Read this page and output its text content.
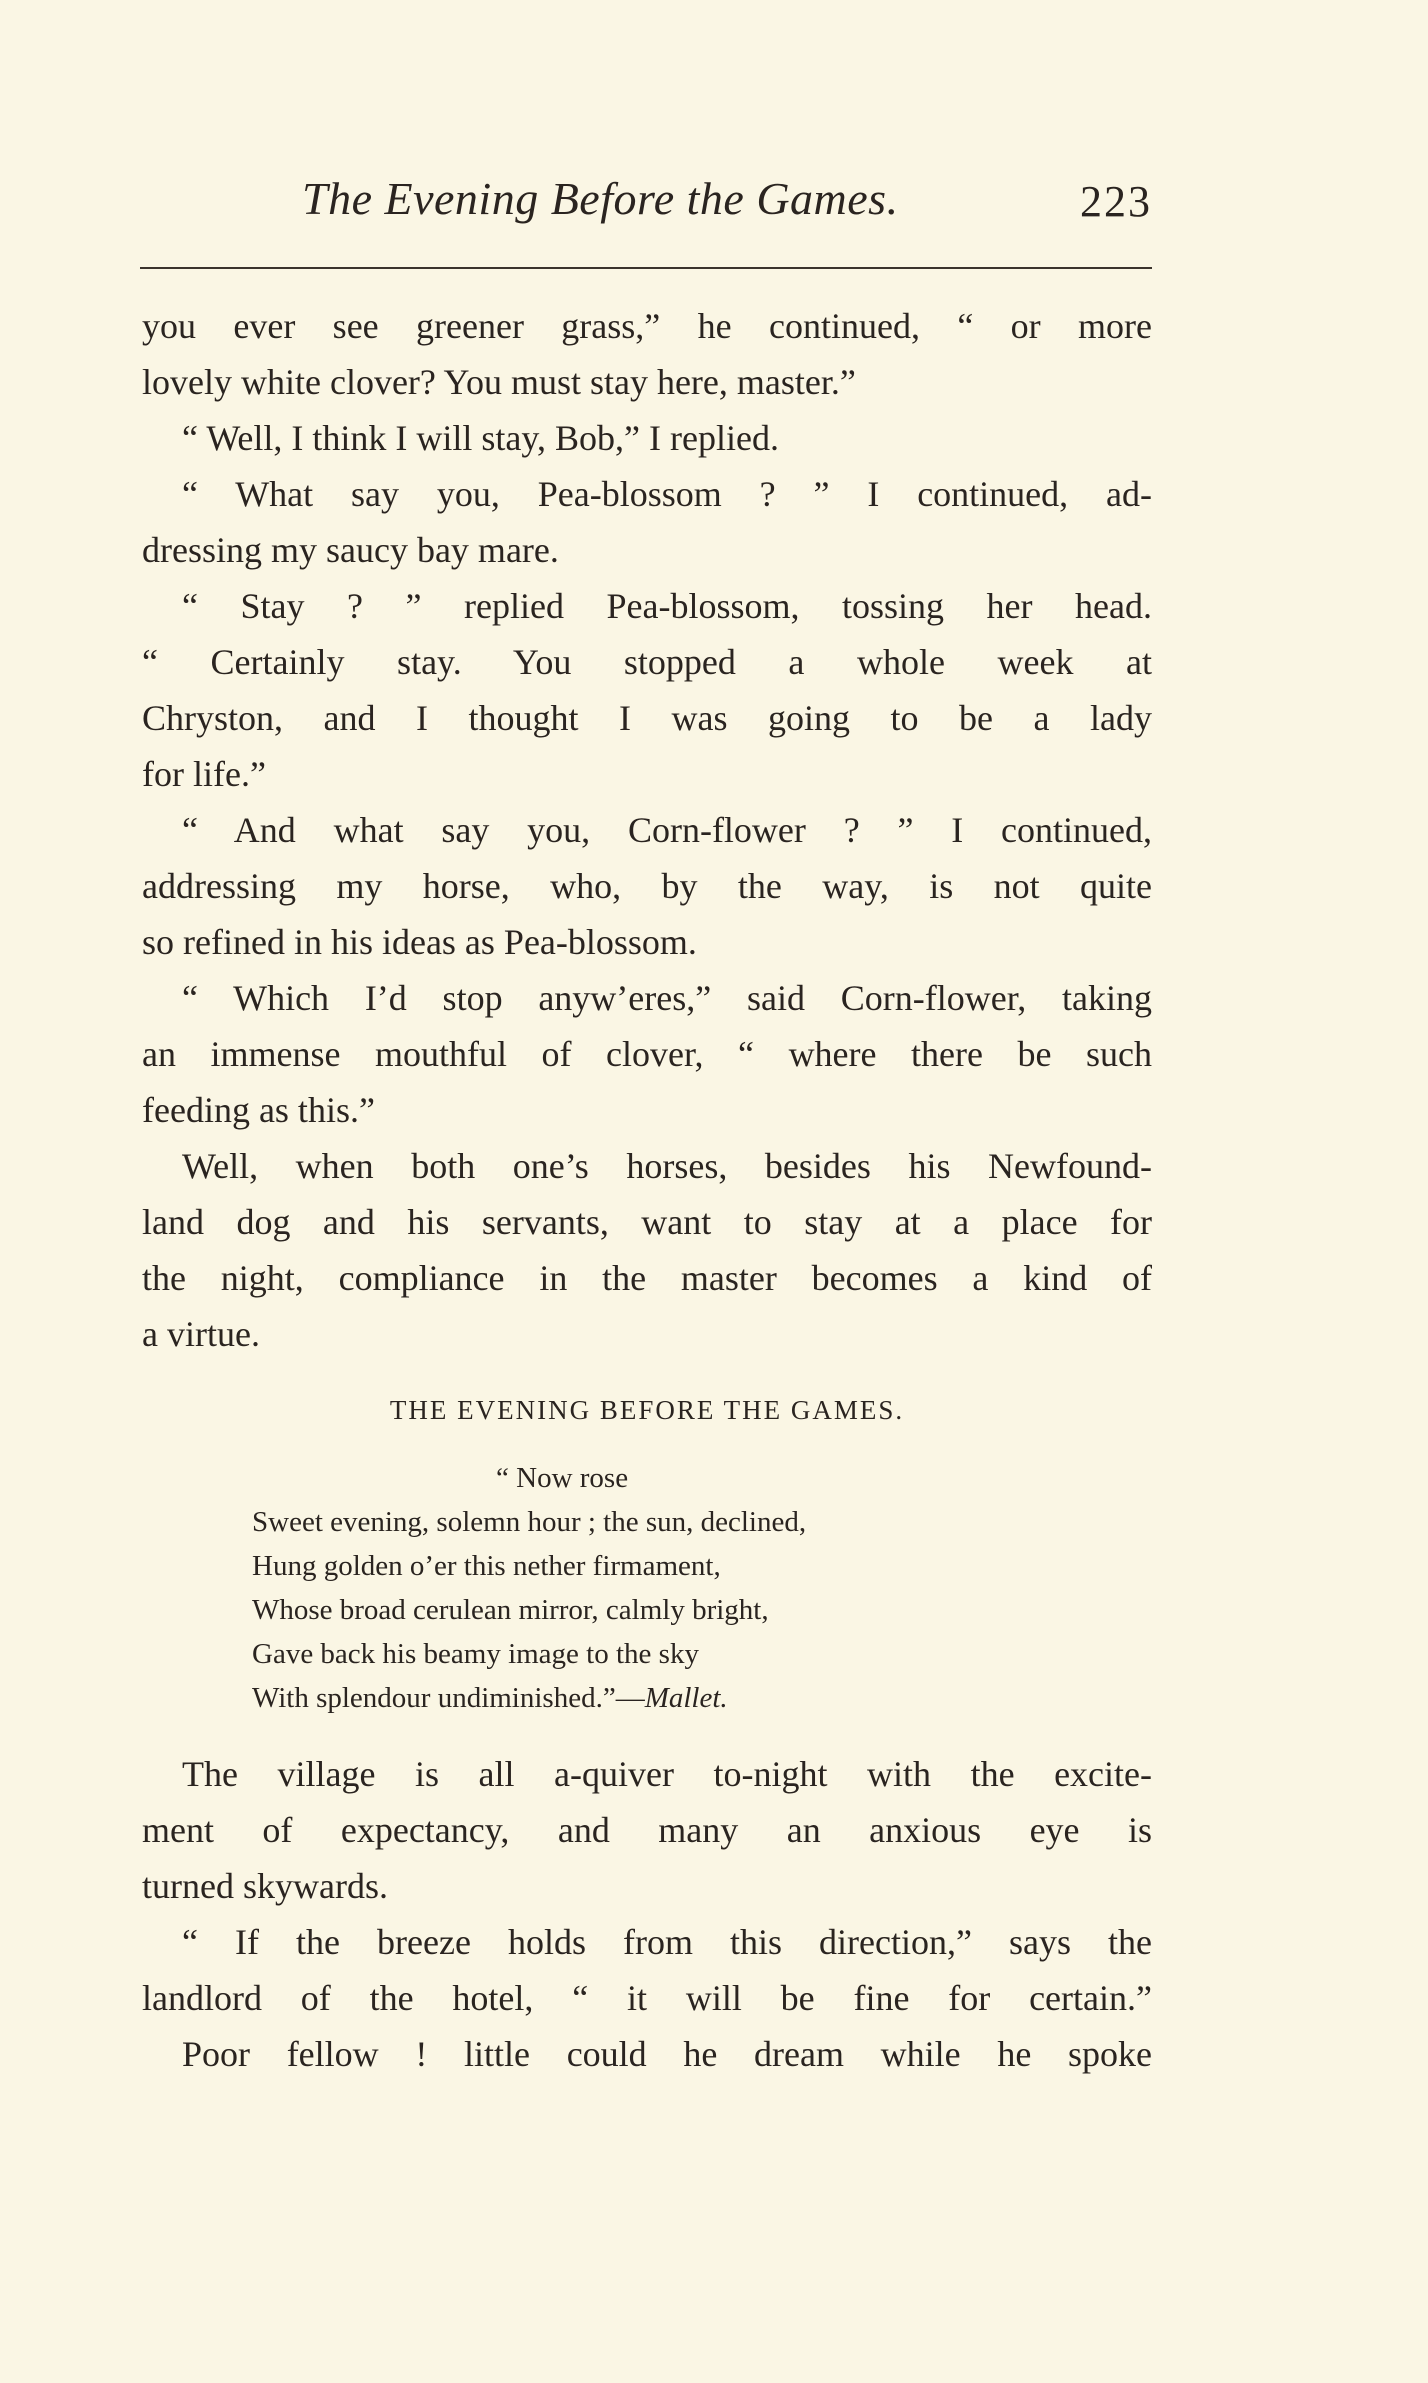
The Evening Before the Games.	223
you ever see greener grass,” he continued, “ or more
lovely white clover? You must stay here, master.”
“ Well, I think I will stay, Bob,” I replied.
“ What say you, Pea-blossom ? ” I continued, ad-
dressing my saucy bay mare.
“ Stay ? ” replied Pea-blossom, tossing her head.
“ Certainly stay. You stopped a whole week at
Chryston, and I thought I was going to be a lady
for life.”
“ And what say you, Corn-flower ? ” I continued,
addressing my horse, who, by the way, is not quite
so refined in his ideas as Pea-blossom.
“ Which I’d stop anyw’eres,” said Corn-flower, taking
an immense mouthful of clover, “ where there be such
feeding as this.”
Well, when both one’s horses, besides his Newfound-
land dog and his servants, want to stay at a place for
the night, compliance in the master becomes a kind of
a virtue.
THE EVENING BEFORE THE GAMES.
“ Now rose
Sweet evening, solemn hour ; the sun, declined,
Hung golden o’er this nether firmament,
Whose broad cerulean mirror, calmly bright,
Gave back his beamy image to the sky
With splendour undiminished.”—Mallet.
The village is all a-quiver to-night with the excite-
ment of expectancy, and many an anxious eye is
turned skywards.
“ If the breeze holds from this direction,” says the
landlord of the hotel, “ it will be fine for certain.”
Poor fellow ! little could he dream while he spoke
